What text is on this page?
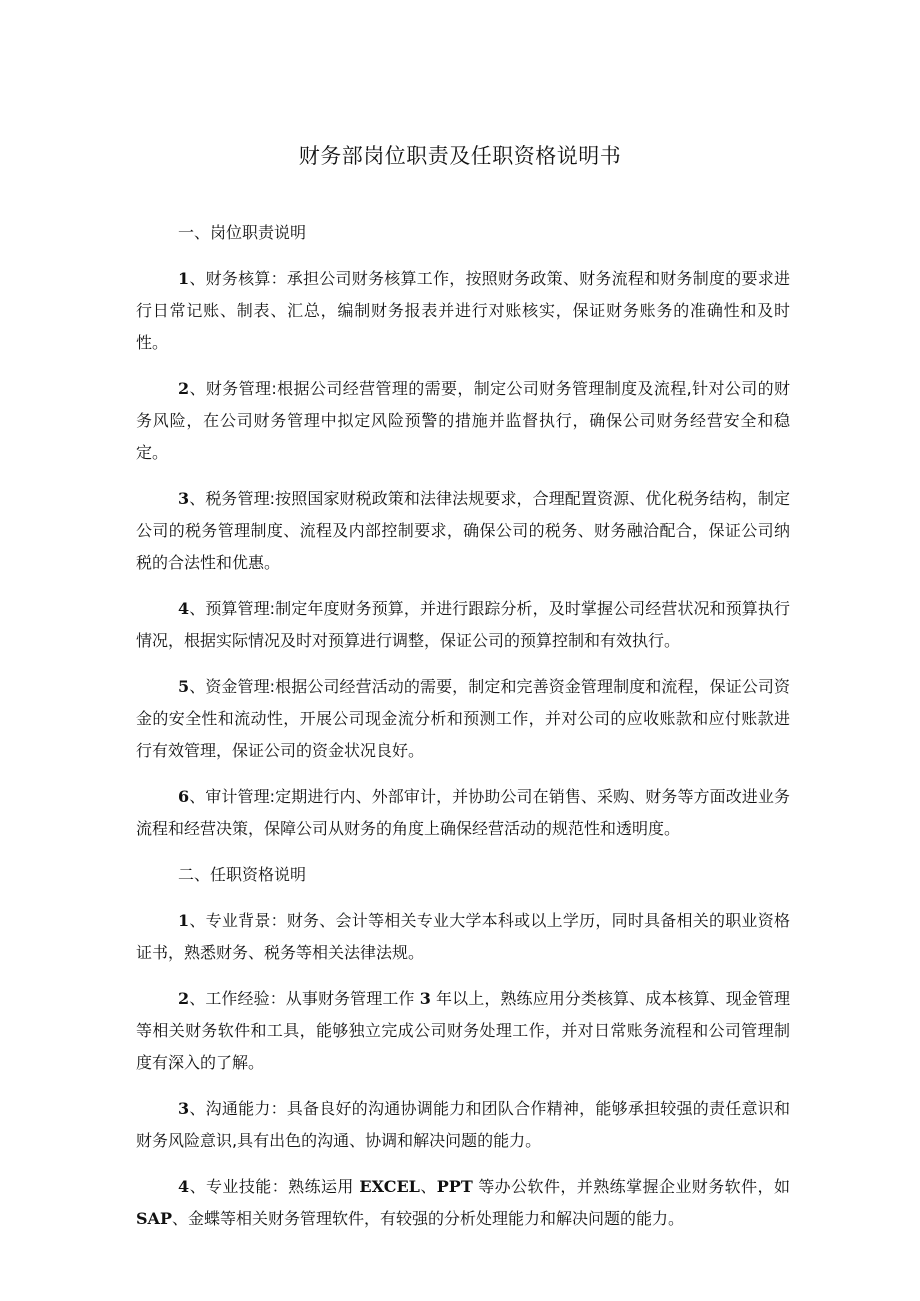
财务部岗位职责及任职资格说明书
一、岗位职责说明

1、财务核算：承担公司财务核算工作，按照财务政策、财务流程和财务制度的要求进行日常记账、制表、汇总，编制财务报表并进行对账核实，保证财务账务的准确性和及时性。

2、财务管理:根据公司经营管理的需要，制定公司财务管理制度及流程,针对公司的财务风险，在公司财务管理中拟定风险预警的措施并监督执行，确保公司财务经营安全和稳定。

3、税务管理:按照国家财税政策和法律法规要求，合理配置资源、优化税务结构，制定公司的税务管理制度、流程及内部控制要求，确保公司的税务、财务融洽配合，保证公司纳税的合法性和优惠。

4、预算管理:制定年度财务预算，并进行跟踪分析，及时掌握公司经营状况和预算执行情况，根据实际情况及时对预算进行调整，保证公司的预算控制和有效执行。

5、资金管理:根据公司经营活动的需要，制定和完善资金管理制度和流程，保证公司资金的安全性和流动性，开展公司现金流分析和预测工作，并对公司的应收账款和应付账款进行有效管理，保证公司的资金状况良好。

6、审计管理:定期进行内、外部审计，并协助公司在销售、采购、财务等方面改进业务流程和经营决策，保障公司从财务的角度上确保经营活动的规范性和透明度。

二、任职资格说明

1、专业背景：财务、会计等相关专业大学本科或以上学历，同时具备相关的职业资格证书，熟悉财务、税务等相关法律法规。

2、工作经验：从事财务管理工作 3 年以上，熟练应用分类核算、成本核算、现金管理等相关财务软件和工具，能够独立完成公司财务处理工作，并对日常账务流程和公司管理制度有深入的了解。

3、沟通能力：具备良好的沟通协调能力和团队合作精神，能够承担较强的责任意识和财务风险意识,具有出色的沟通、协调和解决问题的能力。

4、专业技能：熟练运用 EXCEL、PPT 等办公软件，并熟练掌握企业财务软件，如 SAP、金蝶等相关财务管理软件，有较强的分析处理能力和解决问题的能力。
